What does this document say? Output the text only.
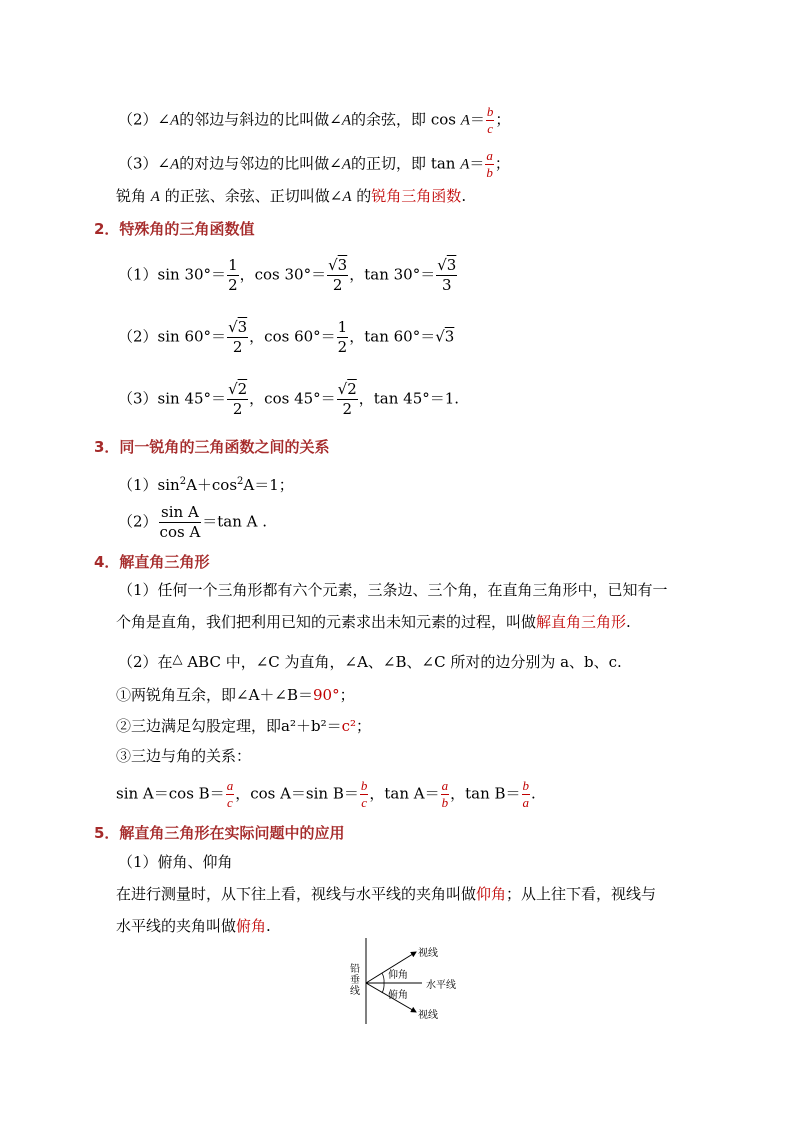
（2）∠A的邻边与斜边的比叫做∠A的余弦，即 $\cos A= \frac{b}{c}$ ；
（3）∠A的对边与邻边的比叫做∠A的正切，即 $\tan A= \frac{a}{b}$ ；
锐角 A 的正弦、余弦、正切叫做∠A 的锐角三角函数.
2．特殊角的三角函数值
（1）sin $30^\circ= \frac{1}{2}$ ，$\cos 30^\circ= \frac{√3}{2}$ ，$\tan 30^\circ= \frac{√3}{3}$
（2）sin $60^\circ= \frac{√3}{2}$ ，$\cos 60^\circ= \frac{1}{2}$ ，tan 60°＝√3
（3）sin $45^\circ= \frac{√2}{2}$ ，$\cos 45^\circ= \frac{√2}{2}$ ，tan 45°＝1.
3．同一锐角的三角函数之间的关系
$(1)\sin^2A+\cos^2A=1$；
$(2) \frac{\text{sin A}}{\text{cos A}} =\tan$ A .
4．解直角三角形
（1）任何一个三角形都有六个元素，三条边、三个角，在直角三角形中，已知有一
个角是直角，我们把利用已知的元素求出未知元素的过程，叫做解直角三角形.
（2）在△ ABC 中，∠C 为直角，∠A、∠B、∠C 所对的边分别为 a、b、c.
①两锐角互余，即∠A＋∠B＝90°；
②三边满足勾股定理，即a²＋b²＝c²；
③三边与角的关系：
sin A＝cos $B= \frac{a}{c}$ ，cos A＝sin $B= \frac{b}{c}$ ，$\tan A= \frac{a}{b}$ ，$\tan B= \frac{b}{a}$ .
5．解直角三角形在实际问题中的应用
（1）俯角、仰角
在进行测量时，从下往上看，视线与水平线的夹角叫做仰角；从上往下看，视线与
水平线的夹角叫做俯角.
铅
垂
线
视线
仰角
水平线
俯角
视线
